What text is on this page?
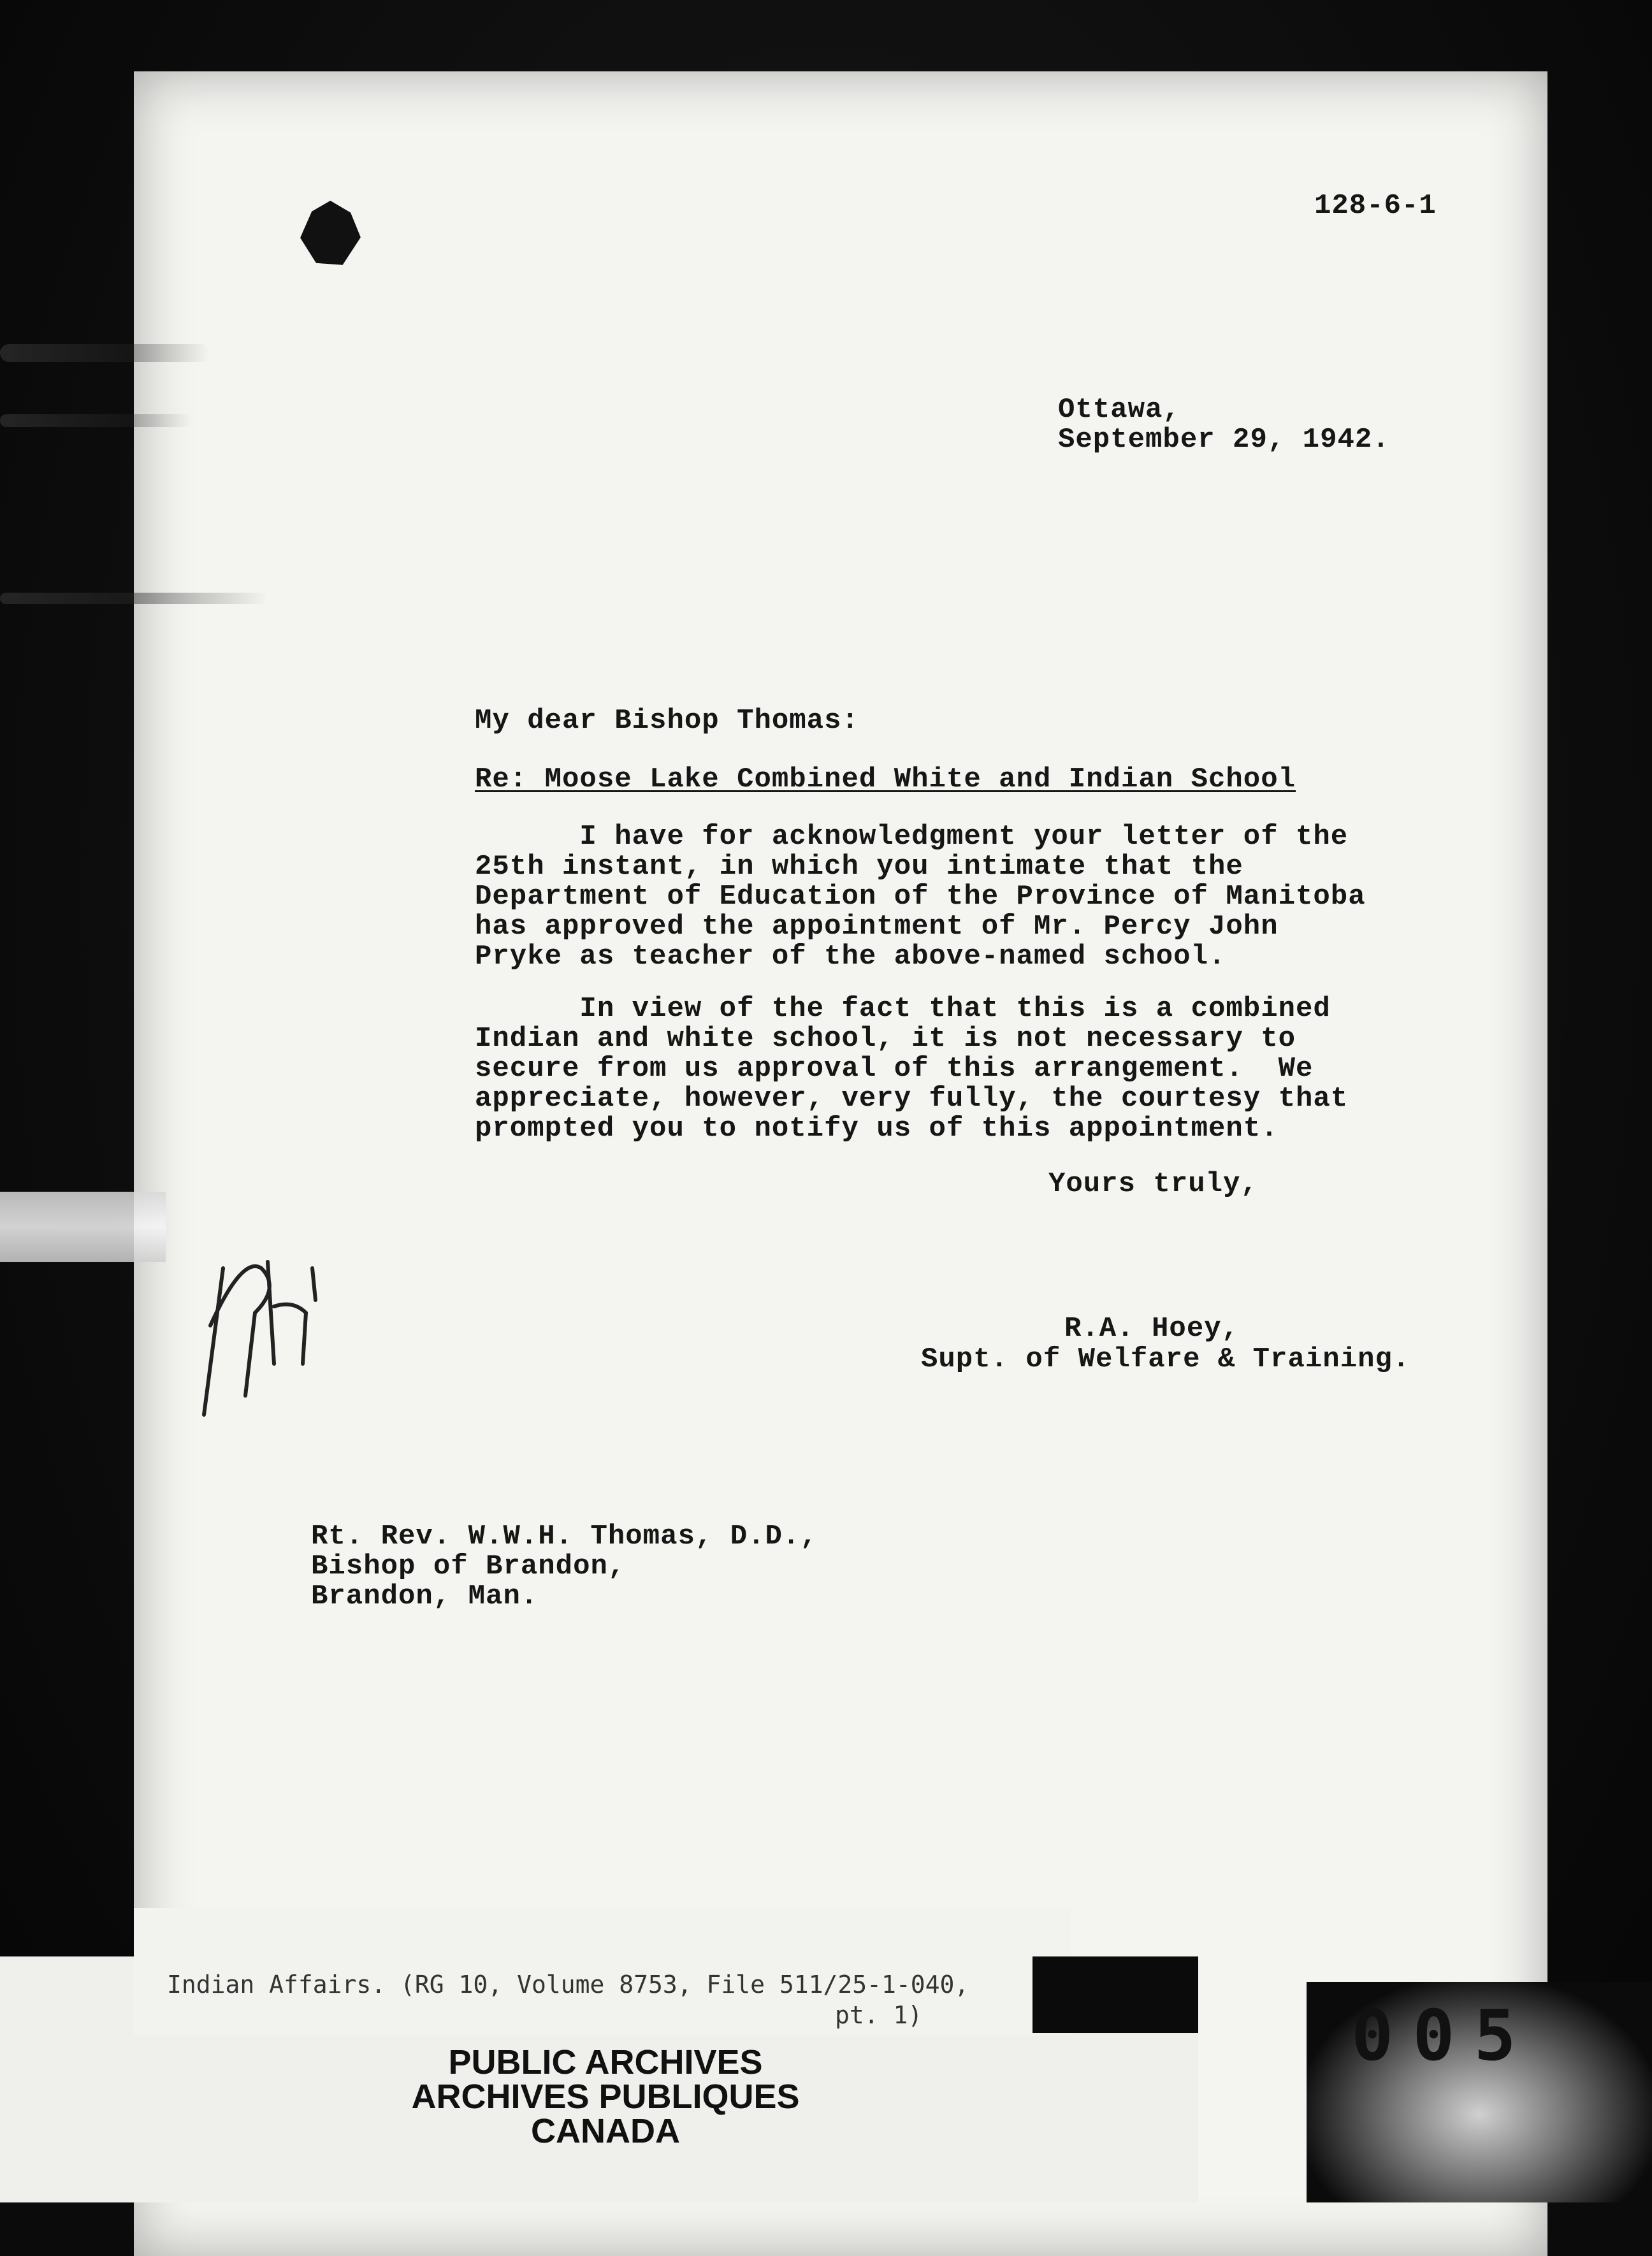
128-6-1
Ottawa,
September 29, 1942.
My dear Bishop Thomas:
Re: Moose Lake Combined White and Indian School
I have for acknowledgment your letter of the
25th instant, in which you intimate that the
Department of Education of the Province of Manitoba
has approved the appointment of Mr. Percy John
Pryke as teacher of the above-named school.
In view of the fact that this is a combined
Indian and white school, it is not necessary to
secure from us approval of this arrangement.  We
appreciate, however, very fully, the courtesy that
prompted you to notify us of this appointment.
Yours truly,
R.A. Hoey,
Supt. of Welfare & Training.
Rt. Rev. W.W.H. Thomas, D.D.,
Bishop of Brandon,
Brandon, Man.
Indian Affairs. (RG 10, Volume 8753, File 511/25-1-040,
pt. 1)
PUBLIC ARCHIVES
ARCHIVES PUBLIQUES
CANADA
005
